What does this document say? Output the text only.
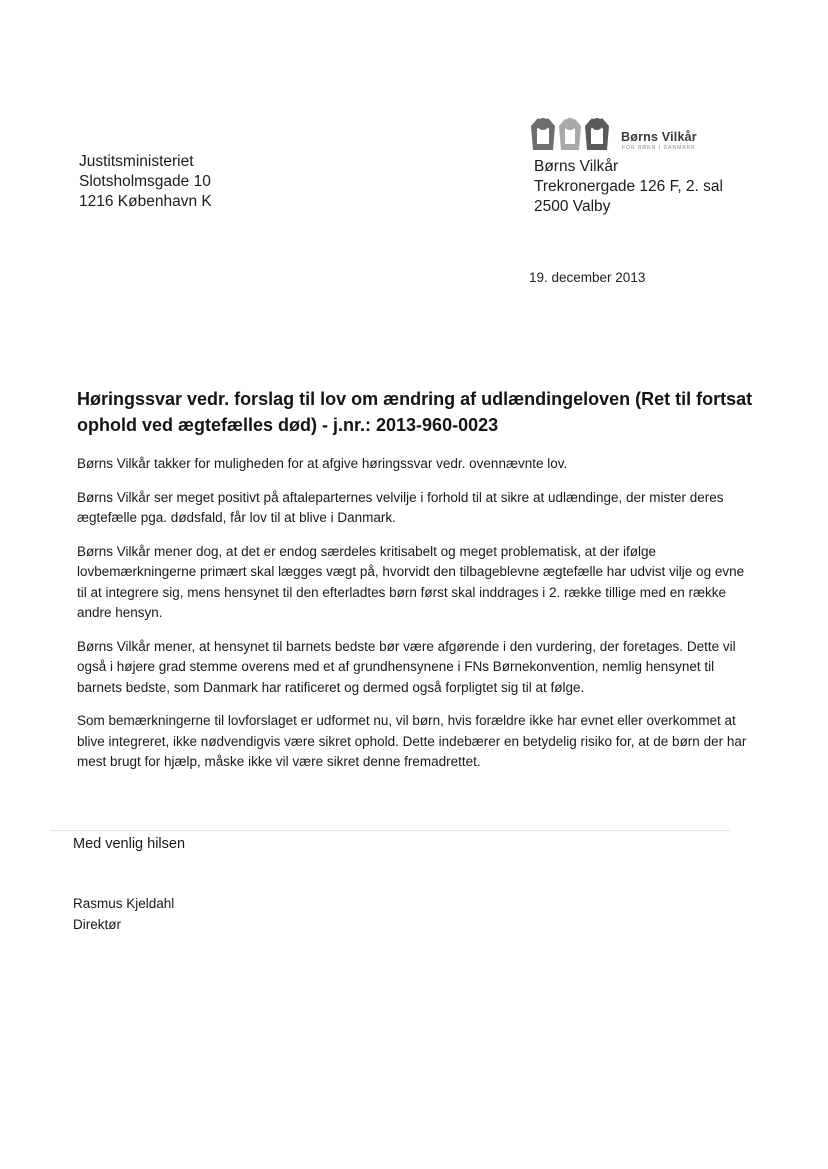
Justitsministeriet
Slotsholmsgade 10
1216 København K
Børns Vilkår
FOR BØRN I DANMARK
Børns Vilkår
Trekronergade 126 F, 2. sal
2500 Valby
19. december 2013
Høringssvar vedr. forslag til lov om ændring af udlændingeloven (Ret til fortsat ophold ved ægtefælles død) - j.nr.: 2013-960-0023

Børns Vilkår takker for muligheden for at afgive høringssvar vedr. ovennævnte lov.

Børns Vilkår ser meget positivt på aftaleparternes velvilje i forhold til at sikre at udlændinge, der mister deres ægtefælle pga. dødsfald, får lov til at blive i Danmark.

Børns Vilkår mener dog, at det er endog særdeles kritisabelt og meget problematisk, at der ifølge lovbemærkningerne primært skal lægges vægt på, hvorvidt den tilbageblevne ægtefælle har udvist vilje og evne til at integrere sig, mens hensynet til den efterladtes børn først skal inddrages i 2. række tillige med en række andre hensyn.

Børns Vilkår mener, at hensynet til barnets bedste bør være afgørende i den vurdering, der foretages. Dette vil også i højere grad stemme overens med et af grundhensynene i FNs Børnekonvention, nemlig hensynet til barnets bedste, som Danmark har ratificeret og dermed også forpligtet sig til at følge.

Som bemærkningerne til lovforslaget er udformet nu, vil børn, hvis forældre ikke har evnet eller overkommet at blive integreret, ikke nødvendigvis være sikret ophold. Dette indebærer en betydelig risiko for, at de børn der har mest brugt for hjælp, måske ikke vil være sikret denne fremadrettet.

Med venlig hilsen
Rasmus Kjeldahl
Direktør
